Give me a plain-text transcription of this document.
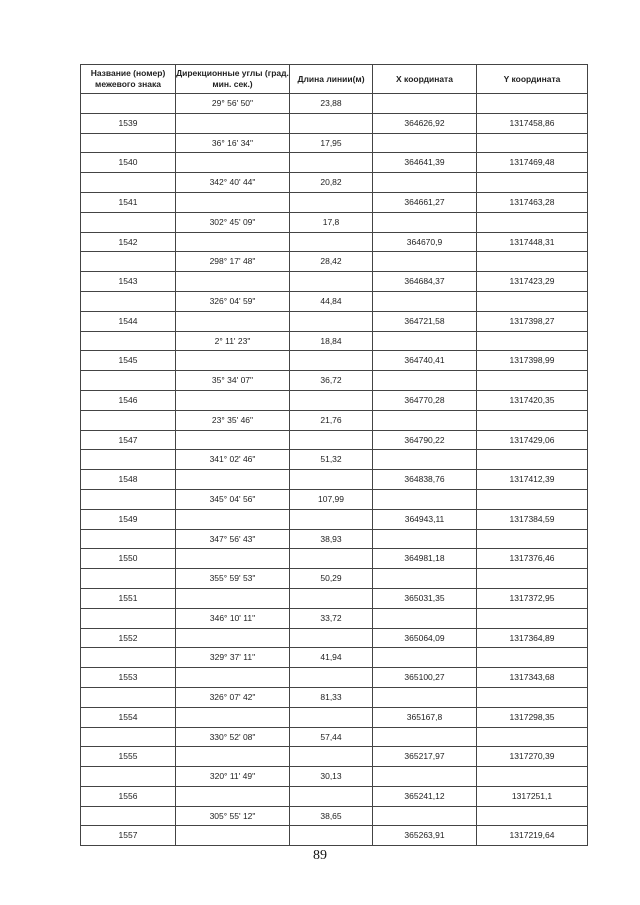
Название (номер) межевого знака	Дирекционные углы (град. мин. сек.)	Длина линии(м)	X координата	Y координата
	29° 56' 50"	23,88		
1539			364626,92	1317458,86
	36° 16' 34"	17,95		
1540			364641,39	1317469,48
	342° 40' 44"	20,82		
1541			364661,27	1317463,28
	302° 45' 09"	17,8		
1542			364670,9	1317448,31
	298° 17' 48"	28,42		
1543			364684,37	1317423,29
	326° 04' 59"	44,84		
1544			364721,58	1317398,27
	2° 11' 23"	18,84		
1545			364740,41	1317398,99
	35° 34' 07"	36,72		
1546			364770,28	1317420,35
	23° 35' 46"	21,76		
1547			364790,22	1317429,06
	341° 02' 46"	51,32		
1548			364838,76	1317412,39
	345° 04' 56"	107,99		
1549			364943,11	1317384,59
	347° 56' 43"	38,93		
1550			364981,18	1317376,46
	355° 59' 53"	50,29		
1551			365031,35	1317372,95
	346° 10' 11"	33,72		
1552			365064,09	1317364,89
	329° 37' 11"	41,94		
1553			365100,27	1317343,68
	326° 07' 42"	81,33		
1554			365167,8	1317298,35
	330° 52' 08"	57,44		
1555			365217,97	1317270,39
	320° 11' 49"	30,13		
1556			365241,12	1317251,1
	305° 55' 12"	38,65		
1557			365263,91	1317219,64
89
